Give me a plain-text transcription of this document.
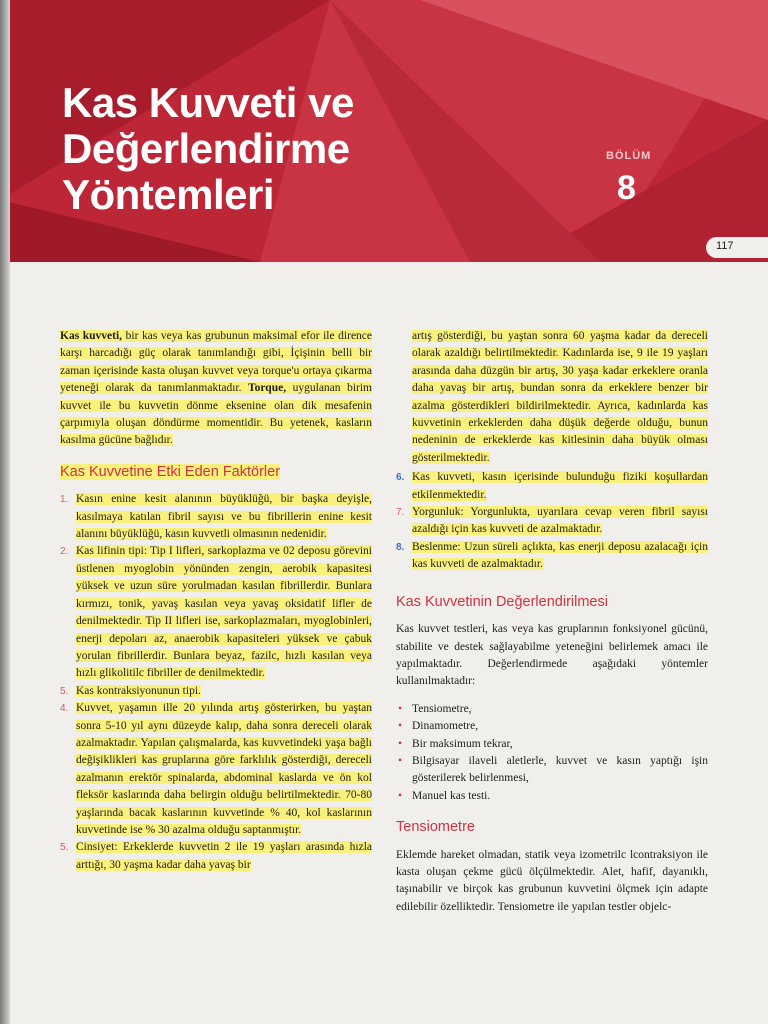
Kas Kuvveti ve
Değerlendirme
Yöntemleri
BÖLÜM
8
117

Kas kuvveti, bir kas veya kas grubunun maksimal efor ile dirence karşı harcadığı güç olarak tanımlandığı gibi, İçişinin belli bir zaman içerisinde kasta oluşan kuvvet veya torque'u ortaya çıkarma yeteneği olarak da tanımlanmaktadır. Torque, uygulanan birim kuvvet ile bu kuvvetin dönme eksenine olan dik mesafenin çarpımıyla oluşan döndürme momentidir. Bu yetenek, kasların kasılma gücüne bağlıdır.

Kas Kuvvetine Etki Eden Faktörler
1. Kasın enine kesit alanının büyüklüğü, bir başka deyişle, kasılmaya katılan fibril sayısı ve bu fibrillerin enine kesit alanını büyüklüğü, kasın kuvvetli olmasının nedenidir.
2. Kas lifinin tipi: Tip I lifleri, sarkoplazma ve 02 deposu görevini üstlenen myoglobin yönünden zengin, aerobik kapasitesi yüksek ve uzun süre yorulmadan kasılan fibrillerdir. Bunlara kırmızı, tonik, yavaş kasılan veya yavaş oksidatif lifler de denilmektedir. Tip II lifleri ise, sarkoplazmaları, myoglobinleri, enerji depoları az, anaerobik kapasiteleri yüksek ve çabuk yorulan fibrillerdir. Bunlara beyaz, fazilc, hızlı kasılan veya hızlı glikolitilc fibriller de denilmektedir.
5. Kas kontraksiyonunun tipi.
4. Kuvvet, yaşamın ille 20 yılında artış gösterirken, bu yaştan sonra 5-10 yıl aynı düzeyde kalıp, daha sonra dereceli olarak azalmaktadır. Yapılan çalışmalarda, kas kuvvetindeki yaşa bağlı değişiklikleri kas gruplarına göre farklılık gösterdiği, dereceli azalmanın erektör spinalarda, abdominal kaslarda ve ön kol fleksör kaslarında daha belirgin olduğu belirtilmektedir. 70-80 yaşlarında bacak kaslarının kuvvetinde % 40, kol kaslarının kuvvetinde ise % 30 azalma olduğu saptanmıştır.
5. Cinsiyet: Erkeklerde kuvvetin 2 ile 19 yaşları arasında hızla arttığı, 30 yaşma kadar daha yavaş bir

artış gösterdiği, bu yaştan sonra 60 yaşma kadar da dereceli olarak azaldığı belirtilmektedir. Kadınlarda ise, 9 ile 19 yaşları arasında daha düzgün bir artış, 30 yaşa kadar erkeklere oranla daha yavaş bir artış, bundan sonra da erkeklere benzer bir azalma gösterdikleri bildirilmektedir. Ayrıca, kadınlarda kas kuvvetinin erkeklerden daha düşük değerde olduğu, bunun nedeninin de erkeklerde kas kitlesinin daha büyük olması gösterilmektedir.

6. Kas kuvveti, kasın içerisinde bulunduğu fiziki koşullardan etkilenmektedir.
7. Yorgunluk: Yorgunlukta, uyarılara cevap veren fibril sayısı azaldığı için kas kuvveti de azalmaktadır.
8. Beslenme: Uzun süreli açlıkta, kas enerji deposu azalacağı için kas kuvveti de azalmaktadır.
Kas Kuvvetinin Değerlendirilmesi

Kas kuvvet testleri, kas veya kas gruplarının fonksiyonel gücünü, stabilite ve destek sağlayabilme yeteneğini belirlemek amacı ile yapılmaktadır. Değerlendirmede aşağıdaki yöntemler kullanılmaktadır:

• Tensiometre,
• Dinamometre,
• Bir maksimum tekrar,
• Bilgisayar ilaveli aletlerle, kuvvet ve kasın yaptığı işin gösterilerek belirlenmesi,
• Manuel kas testi.
Tensiometre

Eklemde hareket olmadan, statik veya izometrilc lcontraksiyon ile kasta oluşan çekme gücü ölçülmektedir. Alet, hafif, dayanıklı, taşınabilir ve birçok kas grubunun kuvvetini ölçmek için adapte edilebilir özelliktedir. Tensiometre ile yapılan testler objelc-
